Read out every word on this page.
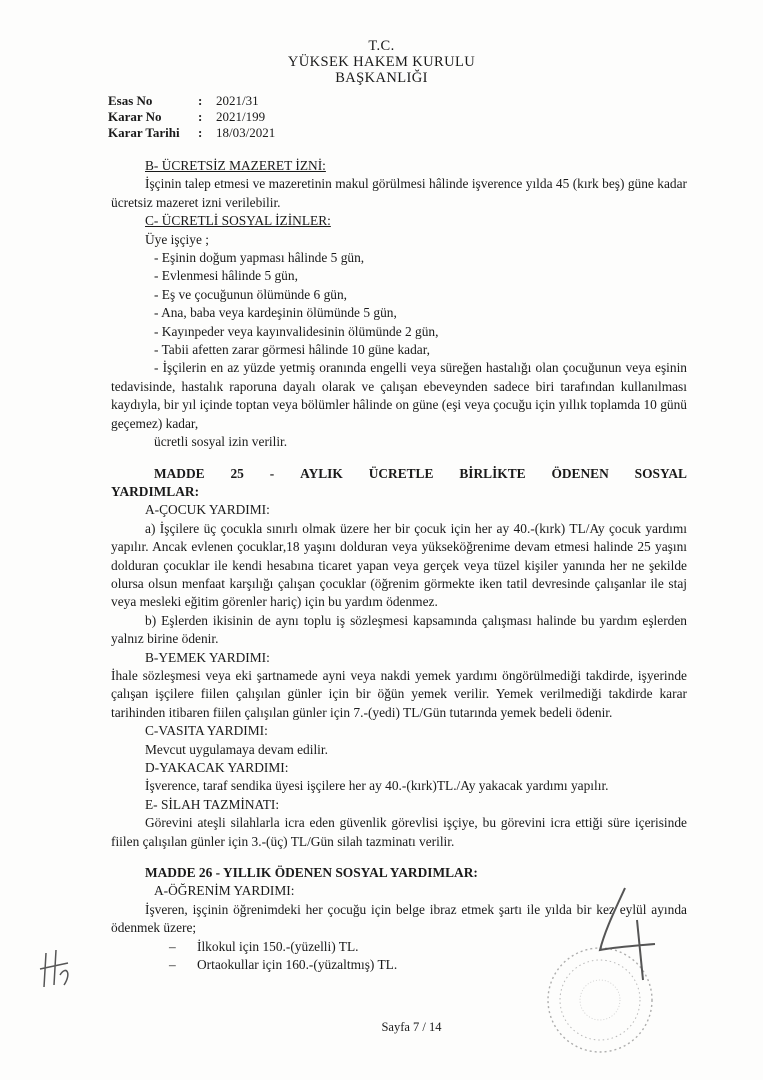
T.C.
YÜKSEK HAKEM KURULU
BAŞKANLIĞI
Esas No	:	2021/31
Karar No	:	2021/199
Karar Tarihi	:	18/03/2021

B- ÜCRETSİZ MAZERET İZNİ:

İşçinin talep etmesi ve mazeretinin makul görülmesi hâlinde işverence yılda 45 (kırk beş) güne kadar ücretsiz mazeret izni verilebilir.

C- ÜCRETLİ SOSYAL İZİNLER:

Üye işçiye ;

- Eşinin doğum yapması hâlinde 5 gün,

- Evlenmesi hâlinde 5 gün,

- Eş ve çocuğunun ölümünde 6 gün,

- Ana, baba veya kardeşinin ölümünde 5 gün,

- Kayınpeder veya kayınvalidesinin ölümünde 2 gün,

- Tabii afetten zarar görmesi hâlinde 10 güne kadar,

- İşçilerin en az yüzde yetmiş oranında engelli veya süreğen hastalığı olan çocuğunun veya eşinin tedavisinde, hastalık raporuna dayalı olarak ve çalışan ebeveynden sadece biri tarafından kullanılması kaydıyla, bir yıl içinde toptan veya bölümler hâlinde on güne (eşi veya çocuğu için yıllık toplamda 10 günü geçemez) kadar,

ücretli sosyal izin verilir.

MADDE 25 - AYLIK ÜCRETLE BİRLİKTE ÖDENEN SOSYAL

YARDIMLAR:

A-ÇOCUK YARDIMI:

a) İşçilere üç çocukla sınırlı olmak üzere her bir çocuk için her ay 40.-(kırk) TL/Ay çocuk yardımı yapılır. Ancak evlenen çocuklar,18 yaşını dolduran veya yükseköğrenime devam etmesi halinde 25 yaşını dolduran çocuklar ile kendi hesabına ticaret yapan veya gerçek veya tüzel kişiler yanında her ne şekilde olursa olsun menfaat karşılığı çalışan çocuklar (öğrenim görmekte iken tatil devresinde çalışanlar ile staj veya mesleki eğitim görenler hariç) için bu yardım ödenmez.

b) Eşlerden ikisinin de aynı toplu iş sözleşmesi kapsamında çalışması halinde bu yardım eşlerden yalnız birine ödenir.

B-YEMEK YARDIMI:

İhale sözleşmesi veya eki şartnamede ayni veya nakdi yemek yardımı öngörülmediği takdirde, işyerinde çalışan işçilere fiilen çalışılan günler için bir öğün yemek verilir. Yemek verilmediği takdirde karar tarihinden itibaren fiilen çalışılan günler için 7.-(yedi) TL/Gün tutarında yemek bedeli ödenir.

C-VASITA YARDIMI:

Mevcut uygulamaya devam edilir.

D-YAKACAK YARDIMI:

İşverence, taraf sendika üyesi işçilere her ay 40.-(kırk)TL./Ay yakacak yardımı yapılır.

E- SİLAH TAZMİNATI:

Görevini ateşli silahlarla icra eden güvenlik görevlisi işçiye, bu görevini icra ettiği süre içerisinde fiilen çalışılan günler için 3.-(üç) TL/Gün silah tazminatı verilir.

MADDE 26 - YILLIK ÖDENEN SOSYAL YARDIMLAR:

A-ÖĞRENİM YARDIMI:

İşveren, işçinin öğrenimdeki her çocuğu için belge ibraz etmek şartı ile yılda bir kez eylül ayında ödenmek üzere;

–	İlkokul için 150.-(yüzelli) TL.
–	Ortaokullar için 160.-(yüzaltmış) TL.
Sayfa 7 / 14
